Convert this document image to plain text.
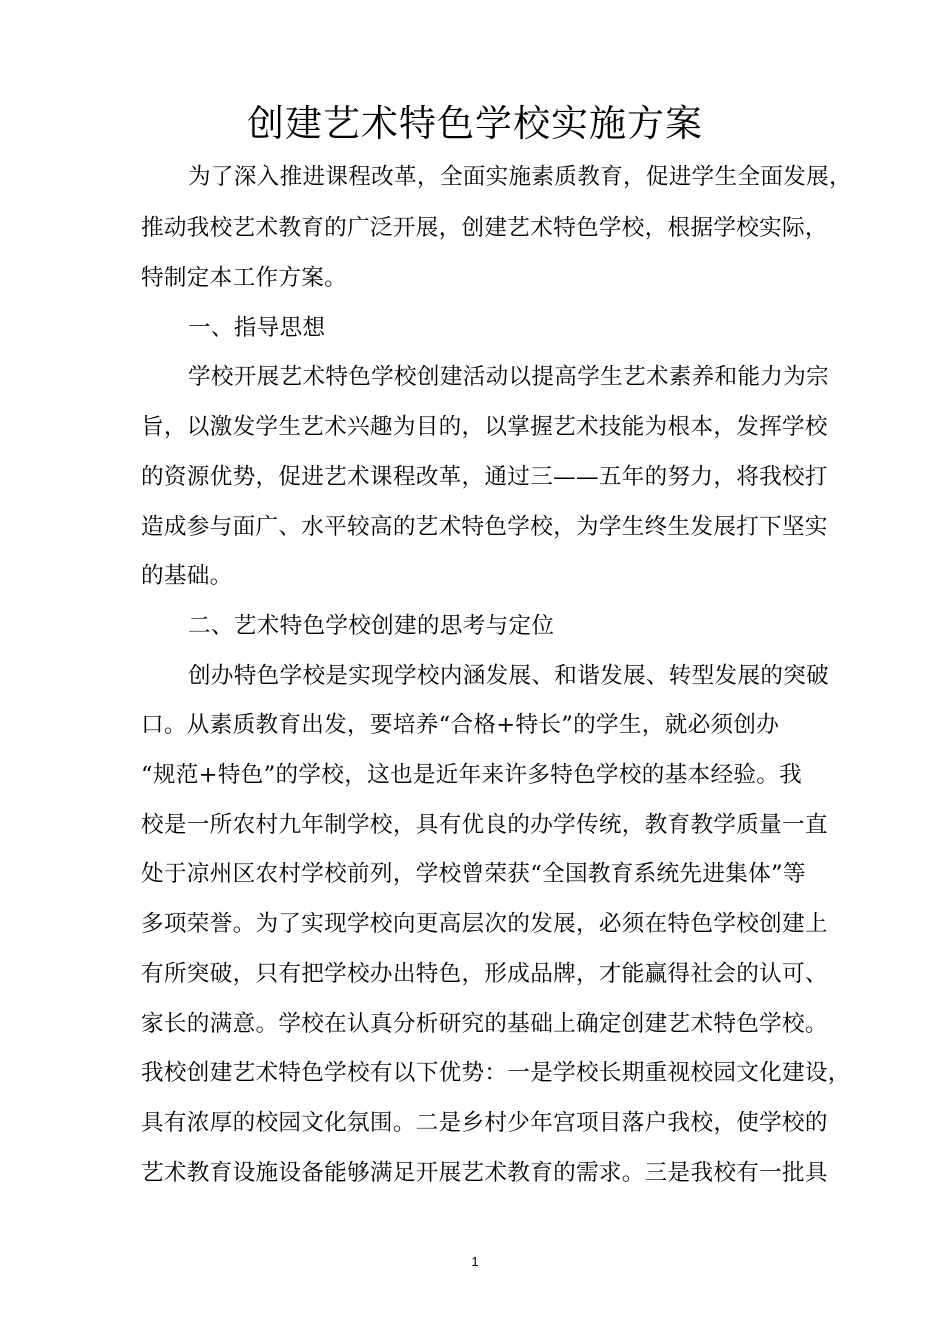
创建艺术特色学校实施方案
为了深入推进课程改革，全面实施素质教育，促进学生全面发展，
推动我校艺术教育的广泛开展，创建艺术特色学校，根据学校实际，
特制定本工作方案。
一、指导思想
学校开展艺术特色学校创建活动以提高学生艺术素养和能力为宗
旨，以激发学生艺术兴趣为目的，以掌握艺术技能为根本，发挥学校
的资源优势，促进艺术课程改革，通过三——五年的努力，将我校打
造成参与面广、水平较高的艺术特色学校，为学生终生发展打下坚实
的基础。
二、艺术特色学校创建的思考与定位
创办特色学校是实现学校内涵发展、和谐发展、转型发展的突破
口。从素质教育出发，要培养“合格+特长”的学生，就必须创办
“规范+特色”的学校，这也是近年来许多特色学校的基本经验。我
校是一所农村九年制学校，具有优良的办学传统，教育教学质量一直
处于凉州区农村学校前列，学校曾荣获“全国教育系统先进集体”等
多项荣誉。为了实现学校向更高层次的发展，必须在特色学校创建上
有所突破，只有把学校办出特色，形成品牌，才能赢得社会的认可、
家长的满意。学校在认真分析研究的基础上确定创建艺术特色学校。
我校创建艺术特色学校有以下优势：一是学校长期重视校园文化建设，
具有浓厚的校园文化氛围。二是乡村少年宫项目落户我校，使学校的
艺术教育设施设备能够满足开展艺术教育的需求。三是我校有一批具
1
